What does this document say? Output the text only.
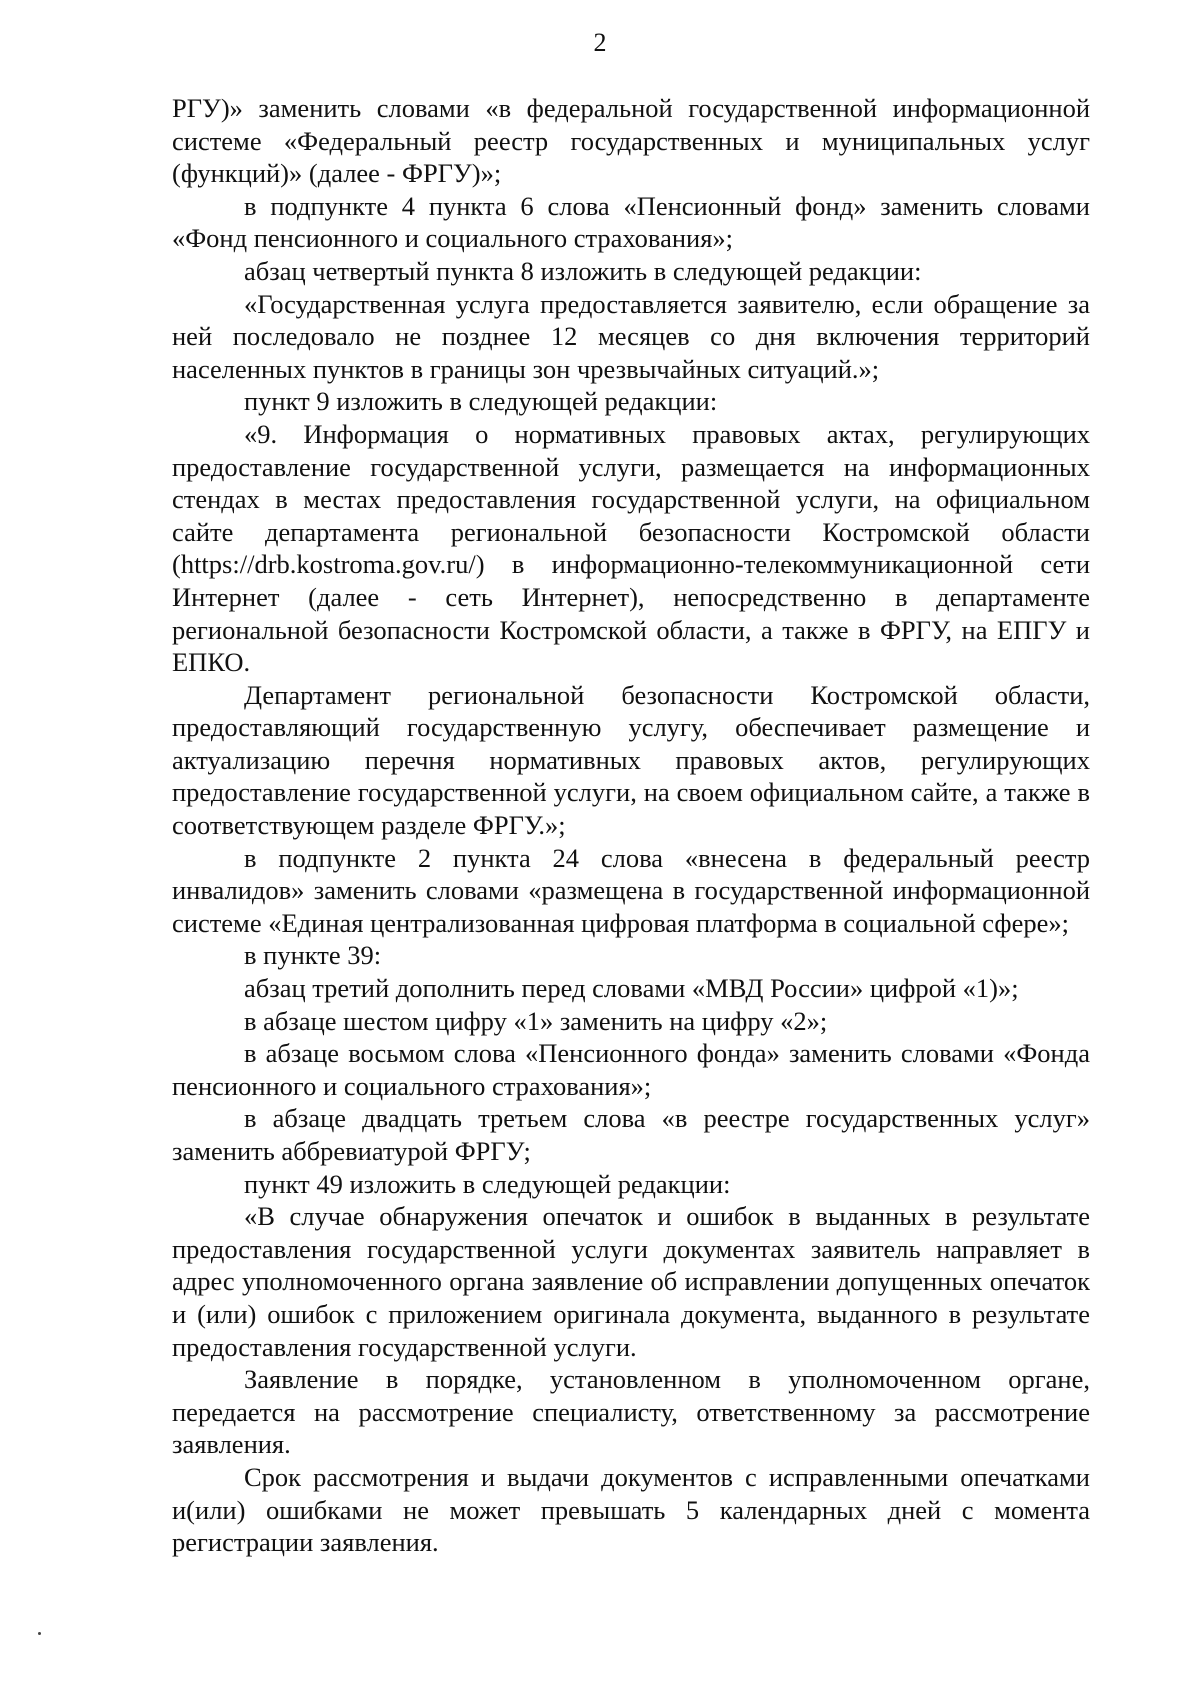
2

РГУ)» заменить словами «в федеральной государственной информационной системе «Федеральный реестр государственных и муниципальных услуг (функций)» (далее - ФРГУ)»;

в подпункте 4 пункта 6 слова «Пенсионный фонд» заменить словами «Фонд пенсионного и социального страхования»;

абзац четвертый пункта 8 изложить в следующей редакции:

«Государственная услуга предоставляется заявителю, если обращение за ней последовало не позднее 12 месяцев со дня включения территорий населенных пунктов в границы зон чрезвычайных ситуаций.»;

пункт 9 изложить в следующей редакции:

«9. Информация о нормативных правовых актах, регулирующих предоставление государственной услуги, размещается на информационных стендах в местах предоставления государственной услуги, на официальном сайте департамента региональной безопасности Костромской области (https://drb.kostroma.gov.ru/) в информационно-телекоммуникационной сети Интернет (далее - сеть Интернет), непосредственно в департаменте региональной безопасности Костромской области, а также в ФРГУ, на ЕПГУ и ЕПКО.

Департамент региональной безопасности Костромской области, предоставляющий государственную услугу, обеспечивает размещение и актуализацию перечня нормативных правовых актов, регулирующих предоставление государственной услуги, на своем официальном сайте, а также в соответствующем разделе ФРГУ.»;

в подпункте 2 пункта 24 слова «внесена в федеральный реестр инвалидов» заменить словами «размещена в государственной информационной системе «Единая централизованная цифровая платформа в социальной сфере»;

в пункте 39:

абзац третий дополнить перед словами «МВД России» цифрой «1)»;

в абзаце шестом цифру «1» заменить на цифру «2»;

в абзаце восьмом слова «Пенсионного фонда» заменить словами «Фонда пенсионного и социального страхования»;

в абзаце двадцать третьем слова «в реестре государственных услуг» заменить аббревиатурой ФРГУ;

пункт 49 изложить в следующей редакции:

«В случае обнаружения опечаток и ошибок в выданных в результате предоставления государственной услуги документах заявитель направляет в адрес уполномоченного органа заявление об исправлении допущенных опечаток и (или) ошибок с приложением оригинала документа, выданного в результате предоставления государственной услуги.

Заявление в порядке, установленном в уполномоченном органе, передается на рассмотрение специалисту, ответственному за рассмотрение заявления.

Срок рассмотрения и выдачи документов с исправленными опечатками и(или) ошибками не может превышать 5 календарных дней с момента регистрации заявления.
